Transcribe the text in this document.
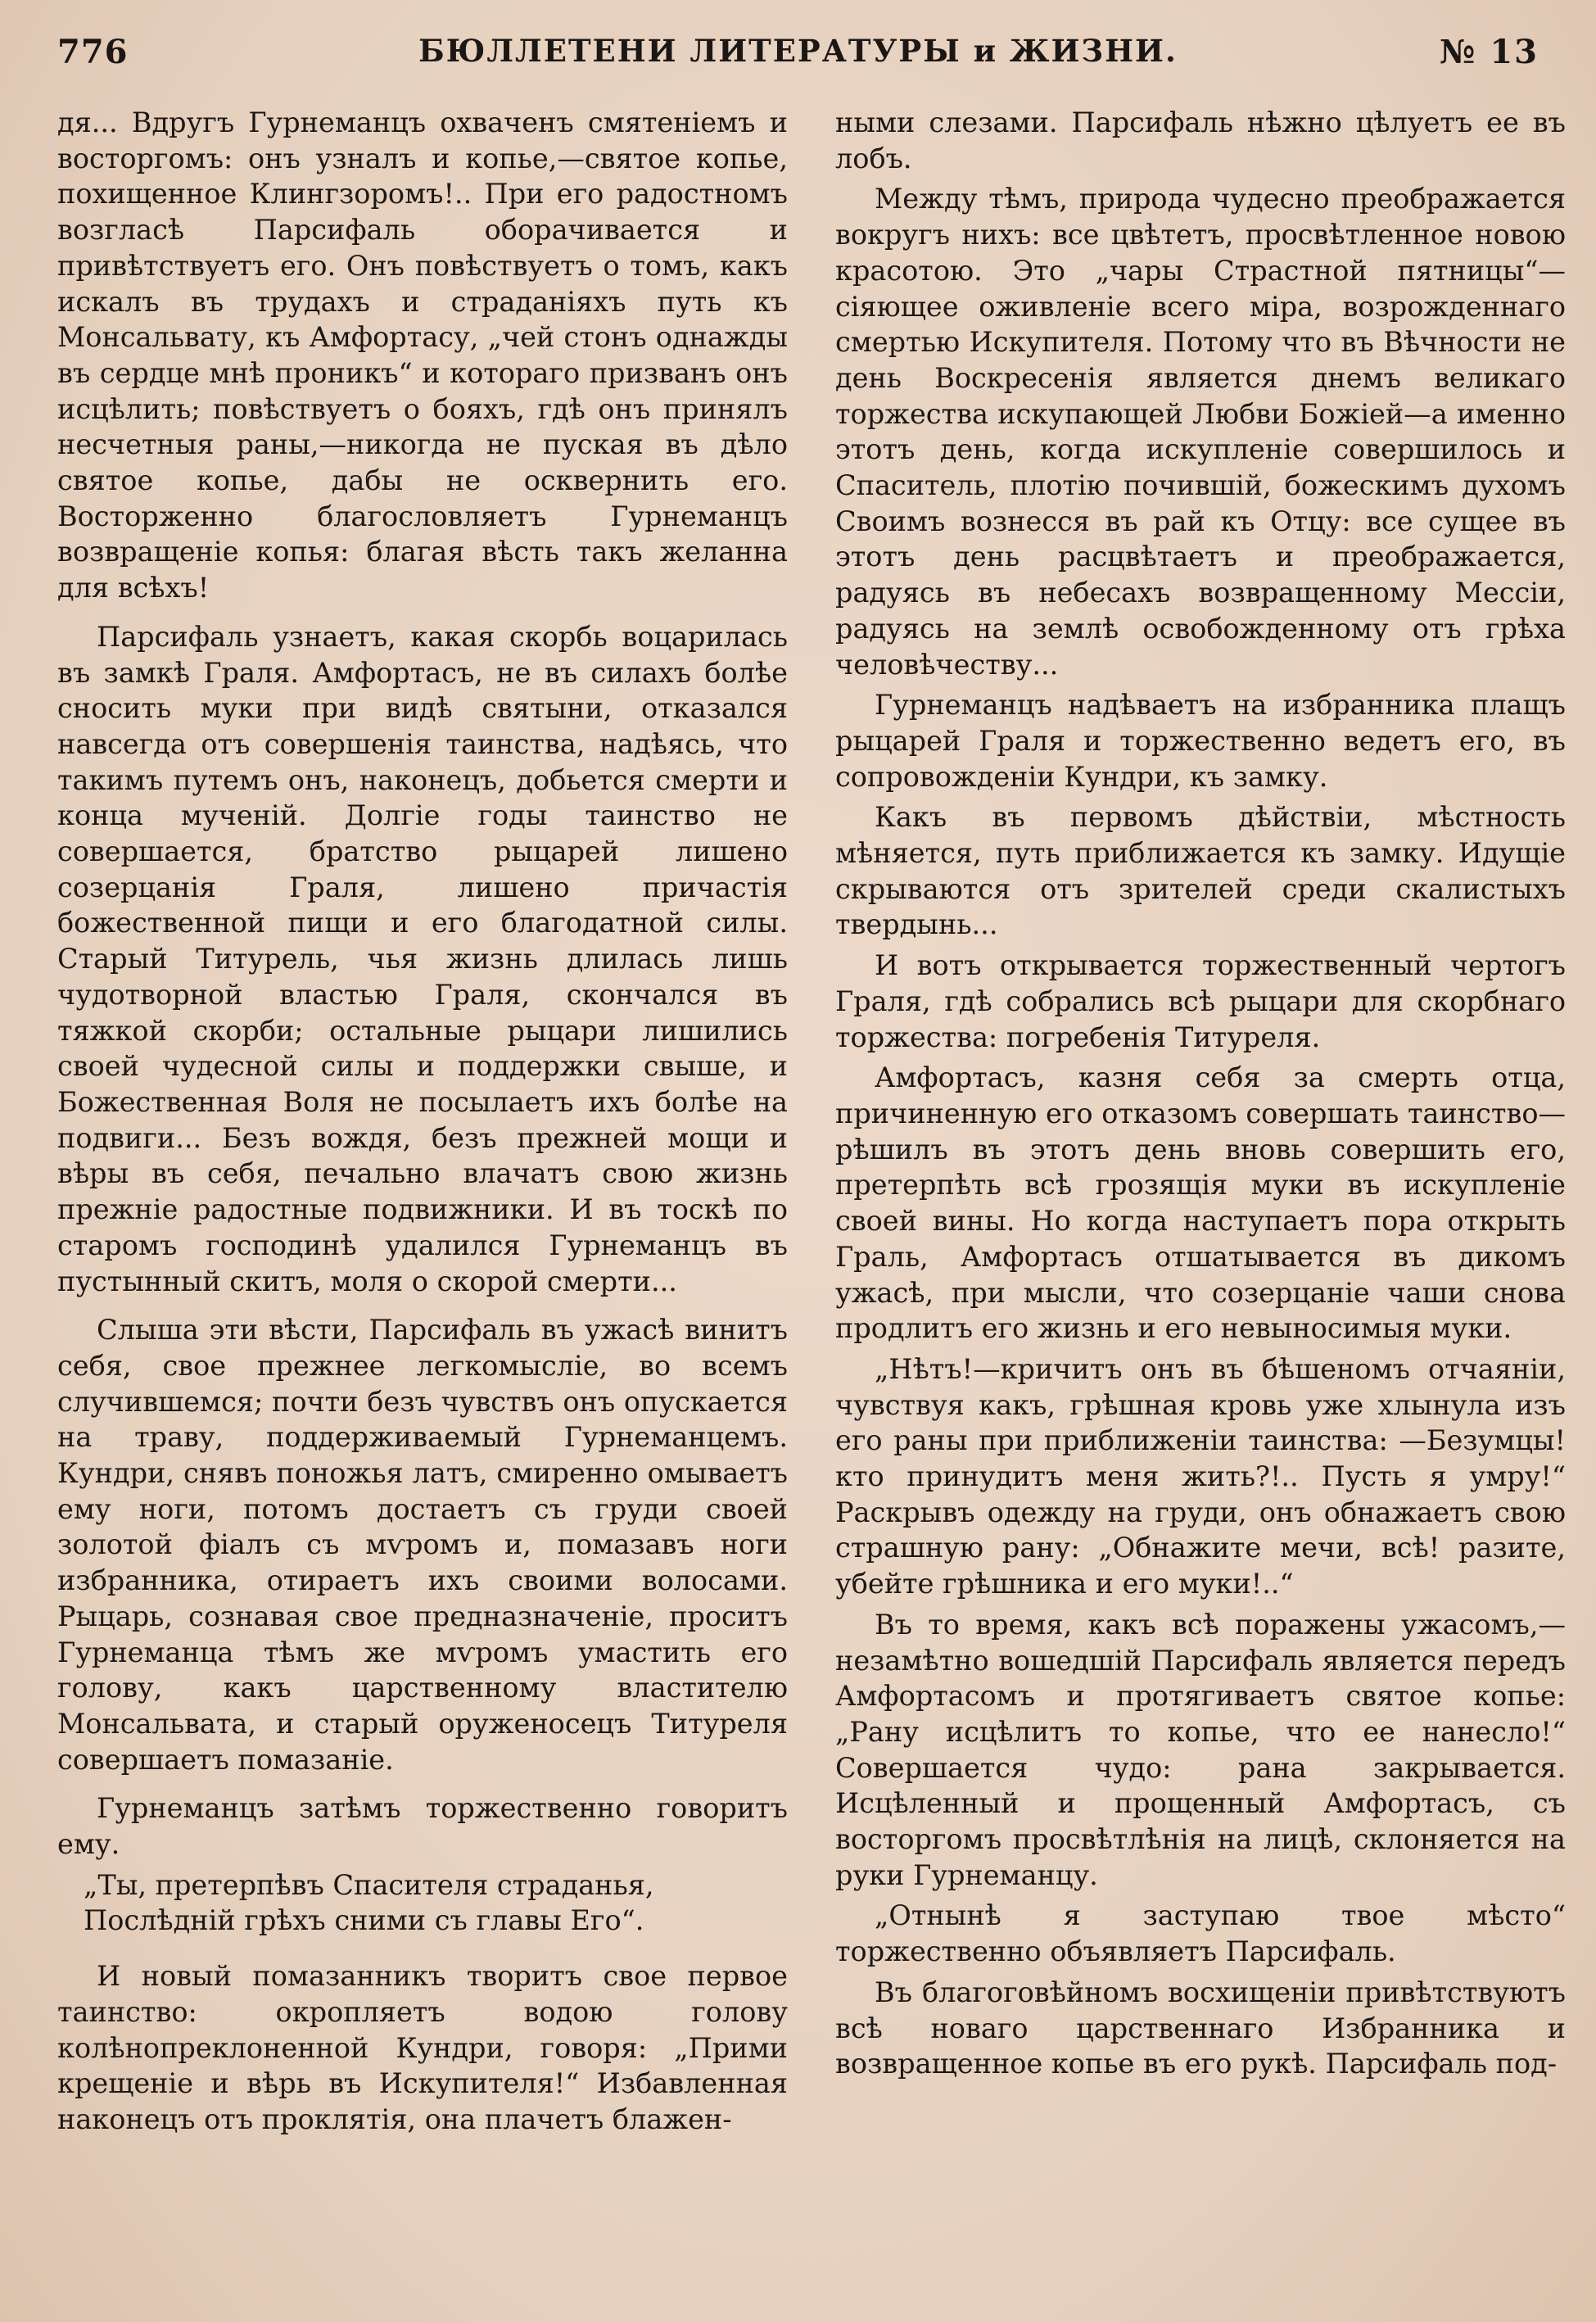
776	БЮЛЛЕТЕНИ ЛИТЕРАТУРЫ и ЖИЗНИ.	№ 13

дя... Вдругъ Гурнеманцъ охваченъ смятеніемъ и восторгомъ: онъ узналъ и копье,—святое копье, похищенное Клингзоромъ!.. При его радостномъ возгласѣ Парсифаль оборачивается и привѣтствуетъ его. Онъ повѣствуетъ о томъ, какъ искалъ въ трудахъ и страданіяхъ путь къ Монсальвату, къ Амфортасу, „чей стонъ однажды въ сердце мнѣ проникъ“ и котораго призванъ онъ исцѣлить; повѣствуетъ о бояхъ, гдѣ онъ принялъ несчетныя раны,—никогда не пуская въ дѣло святое копье, дабы не осквернить его. Восторженно благословляетъ Гурнеманцъ возвращеніе копья: благая вѣсть такъ желанна для всѣхъ!

Парсифаль узнаетъ, какая скорбь воцарилась въ замкѣ Граля. Амфортасъ, не въ силахъ болѣе сносить муки при видѣ святыни, отказался навсегда отъ совершенія таинства, надѣясь, что такимъ путемъ онъ, наконецъ, добьется смерти и конца мученій. Долгіе годы таинство не совершается, братство рыцарей лишено созерцанія Граля, лишено причастія божественной пищи и его благодатной силы. Старый Титурель, чья жизнь длилась лишь чудотворной властью Граля, скончался въ тяжкой скорби; остальные рыцари лишились своей чудесной силы и поддержки свыше, и Божественная Воля не посылаетъ ихъ болѣе на подвиги... Безъ вождя, безъ прежней мощи и вѣры въ себя, печально влачатъ свою жизнь прежніе радостные подвижники. И въ тоскѣ по старомъ господинѣ удалился Гурнеманцъ въ пустынный скитъ, моля о скорой смерти...

Слыша эти вѣсти, Парсифаль въ ужасѣ винитъ себя, свое прежнее легкомысліе, во всемъ случившемся; почти безъ чувствъ онъ опускается на траву, поддерживаемый Гурнеманцемъ. Кундри, снявъ поножья латъ, смиренно омываетъ ему ноги, потомъ достаетъ съ груди своей золотой фіалъ съ мѵромъ и, помазавъ ноги избранника, отираетъ ихъ своими волосами. Рыцарь, сознавая свое предназначеніе, проситъ Гурнеманца тѣмъ же мѵромъ умастить его голову, какъ царственному властителю Монсальвата, и старый оруженосецъ Титуреля совершаетъ помазаніе.

Гурнеманцъ затѣмъ торжественно говоритъ ему.

„Ты, претерпѣвъ Спасителя страданья,
Послѣдній грѣхъ сними съ главы Его“.

И новый помазанникъ творитъ свое первое таинство: окропляетъ водою голову колѣнопреклоненной Кундри, говоря: „Прими крещеніе и вѣрь въ Искупителя!“ Избавленная наконецъ отъ проклятія, она плачетъ блажен-

ными слезами. Парсифаль нѣжно цѣлуетъ ее въ лобъ.

Между тѣмъ, природа чудесно преображается вокругъ нихъ: все цвѣтетъ, просвѣтленное новою красотою. Это „чары Страстной пятницы“—сіяющее оживленіе всего міра, возрожденнаго смертью Искупителя. Потому что въ Вѣчности не день Воскресенія является днемъ великаго торжества искупающей Любви Божіей—а именно этотъ день, когда искупленіе совершилось и Спаситель, плотію почившій, божескимъ духомъ Своимъ вознесся въ рай къ Отцу: все сущее въ этотъ день расцвѣтаетъ и преображается, радуясь въ небесахъ возвращенному Мессіи, радуясь на землѣ освобожденному отъ грѣха человѣчеству...

Гурнеманцъ надѣваетъ на избранника плащъ рыцарей Граля и торжественно ведетъ его, въ сопровожденіи Кундри, къ замку.

Какъ въ первомъ дѣйствіи, мѣстность мѣняется, путь приближается къ замку. Идущіе скрываются отъ зрителей среди скалистыхъ твердынь...

И вотъ открывается торжественный чертогъ Граля, гдѣ собрались всѣ рыцари для скорбнаго торжества: погребенія Титуреля.

Амфортасъ, казня себя за смерть отца, причиненную его отказомъ совершать таинство—рѣшилъ въ этотъ день вновь совершить его, претерпѣть всѣ грозящія муки въ искупленіе своей вины. Но когда наступаетъ пора открыть Граль, Амфортасъ отшатывается въ дикомъ ужасѣ, при мысли, что созерцаніе чаши снова продлитъ его жизнь и его невыносимыя муки.

„Нѣтъ!—кричитъ онъ въ бѣшеномъ отчаяніи, чувствуя какъ, грѣшная кровь уже хлынула изъ его раны при приближеніи таинства: —Безумцы! кто принудитъ меня жить?!.. Пусть я умру!“ Раскрывъ одежду на груди, онъ обнажаетъ свою страшную рану: „Обнажите мечи, всѣ! разите, убейте грѣшника и его муки!..“

Въ то время, какъ всѣ поражены ужасомъ,—незамѣтно вошедшій Парсифаль является передъ Амфортасомъ и протягиваетъ святое копье: „Рану исцѣлитъ то копье, что ее нанесло!“ Совершается чудо: рана закрывается. Исцѣленный и прощенный Амфортасъ, съ восторгомъ просвѣтлѣнія на лицѣ, склоняется на руки Гурнеманцу.

„Отнынѣ я заступаю твое мѣсто“ торжественно объявляетъ Парсифаль.

Въ благоговѣйномъ восхищеніи привѣтствуютъ всѣ новаго царственнаго Избранника и возвращенное копье въ его рукѣ. Парсифаль под-
